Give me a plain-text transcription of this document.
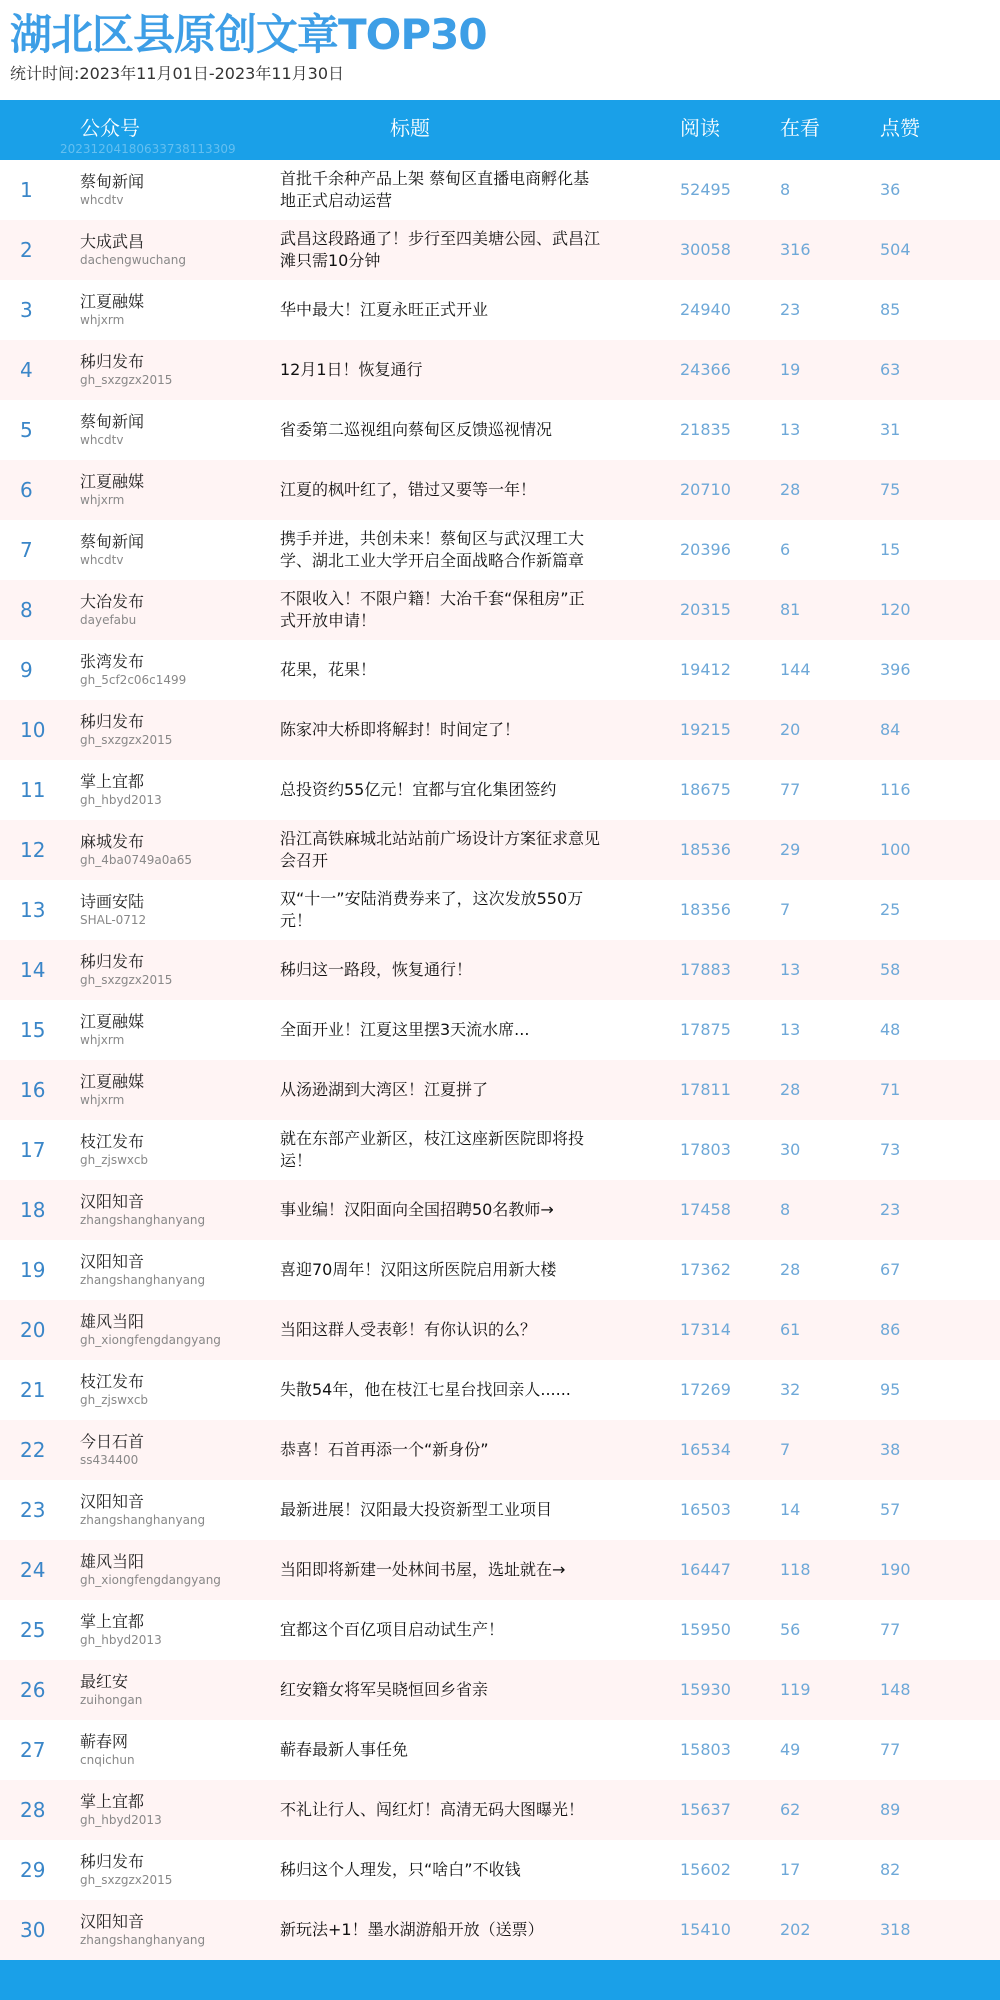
湖北区县原创文章TOP30
统计时间:2023年11月01日-2023年11月30日
公众号	标题	阅读	在看	点赞
20231204180633738113309
1	蔡甸新闻
whcdtv
首批千余种产品上架 蔡甸区直播电商孵化基地正式启动运营
52495	8	36
2	大成武昌
dachengwuchang
武昌这段路通了！步行至四美塘公园、武昌江滩只需10分钟
30058	316	504
3	江夏融媒
whjxrm
华中最大！江夏永旺正式开业	24940	23	85
4	秭归发布
gh_sxzgzx2015
12月1日！恢复通行	24366	19	63
5	蔡甸新闻
whcdtv
省委第二巡视组向蔡甸区反馈巡视情况	21835	13	31
6	江夏融媒
whjxrm
江夏的枫叶红了，错过又要等一年！	20710	28	75
7	蔡甸新闻
whcdtv
携手并进，共创未来！蔡甸区与武汉理工大学、湖北工业大学开启全面战略合作新篇章
20396	6	15
8	大冶发布
dayefabu
不限收入！不限户籍！大冶千套“保租房”正式开放申请！
20315	81	120
9	张湾发布
gh_5cf2c06c1499
花果，花果！	19412	144	396
10 秭归发布
gh_sxzgzx2015
陈家冲大桥即将解封！时间定了！	19215	20	84
11 掌上宜都
gh_hbyd2013
总投资约55亿元！宜都与宜化集团签约	18675	77	116
12 麻城发布
gh_4ba0749a0a65
沿江高铁麻城北站站前广场设计方案征求意见会召开
18536	29	100
13 诗画安陆
SHAL-0712
双“十一”安陆消费券来了，这次发放550万元！
18356	7	25
14 秭归发布
gh_sxzgzx2015
秭归这一路段，恢复通行！	17883	13	58
15 江夏融媒
whjxrm
全面开业！江夏这里摆3天流水席...	17875	13	48
16 江夏融媒
whjxrm
从汤逊湖到大湾区！江夏拼了	17811	28	71
17 枝江发布
gh_zjswxcb
就在东部产业新区，枝江这座新医院即将投运！
17803	30	73
18 汉阳知音
zhangshanghanyang
事业编！汉阳面向全国招聘50名教师→	17458	8	23
19 汉阳知音
zhangshanghanyang
喜迎70周年！汉阳这所医院启用新大楼	17362	28	67
20 雄风当阳
gh_xiongfengdangyang
当阳这群人受表彰！有你认识的么？	17314	61	86
21 枝江发布
gh_zjswxcb
失散54年，他在枝江七星台找回亲人......	17269	32	95
22 今日石首
ss434400
恭喜！石首再添一个“新身份”	16534	7	38
23 汉阳知音
zhangshanghanyang
最新进展！汉阳最大投资新型工业项目	16503	14	57
24 雄风当阳
gh_xiongfengdangyang
当阳即将新建一处林间书屋，选址就在→	16447	118	190
25 掌上宜都
gh_hbyd2013
宜都这个百亿项目启动试生产！	15950	56	77
26 最红安
zuihongan
红安籍女将军吴晓恒回乡省亲	15930	119	148
27 蕲春网
cnqichun
蕲春最新人事任免	15803	49	77
28 掌上宜都
gh_hbyd2013
不礼让行人、闯红灯！高清无码大图曝光！	15637	62	89
29 秭归发布
gh_sxzgzx2015
秭归这个人理发，只“啥白”不收钱	15602	17	82
30 汉阳知音
zhangshanghanyang
新玩法+1！墨水湖游船开放（送票）	15410	202	318
